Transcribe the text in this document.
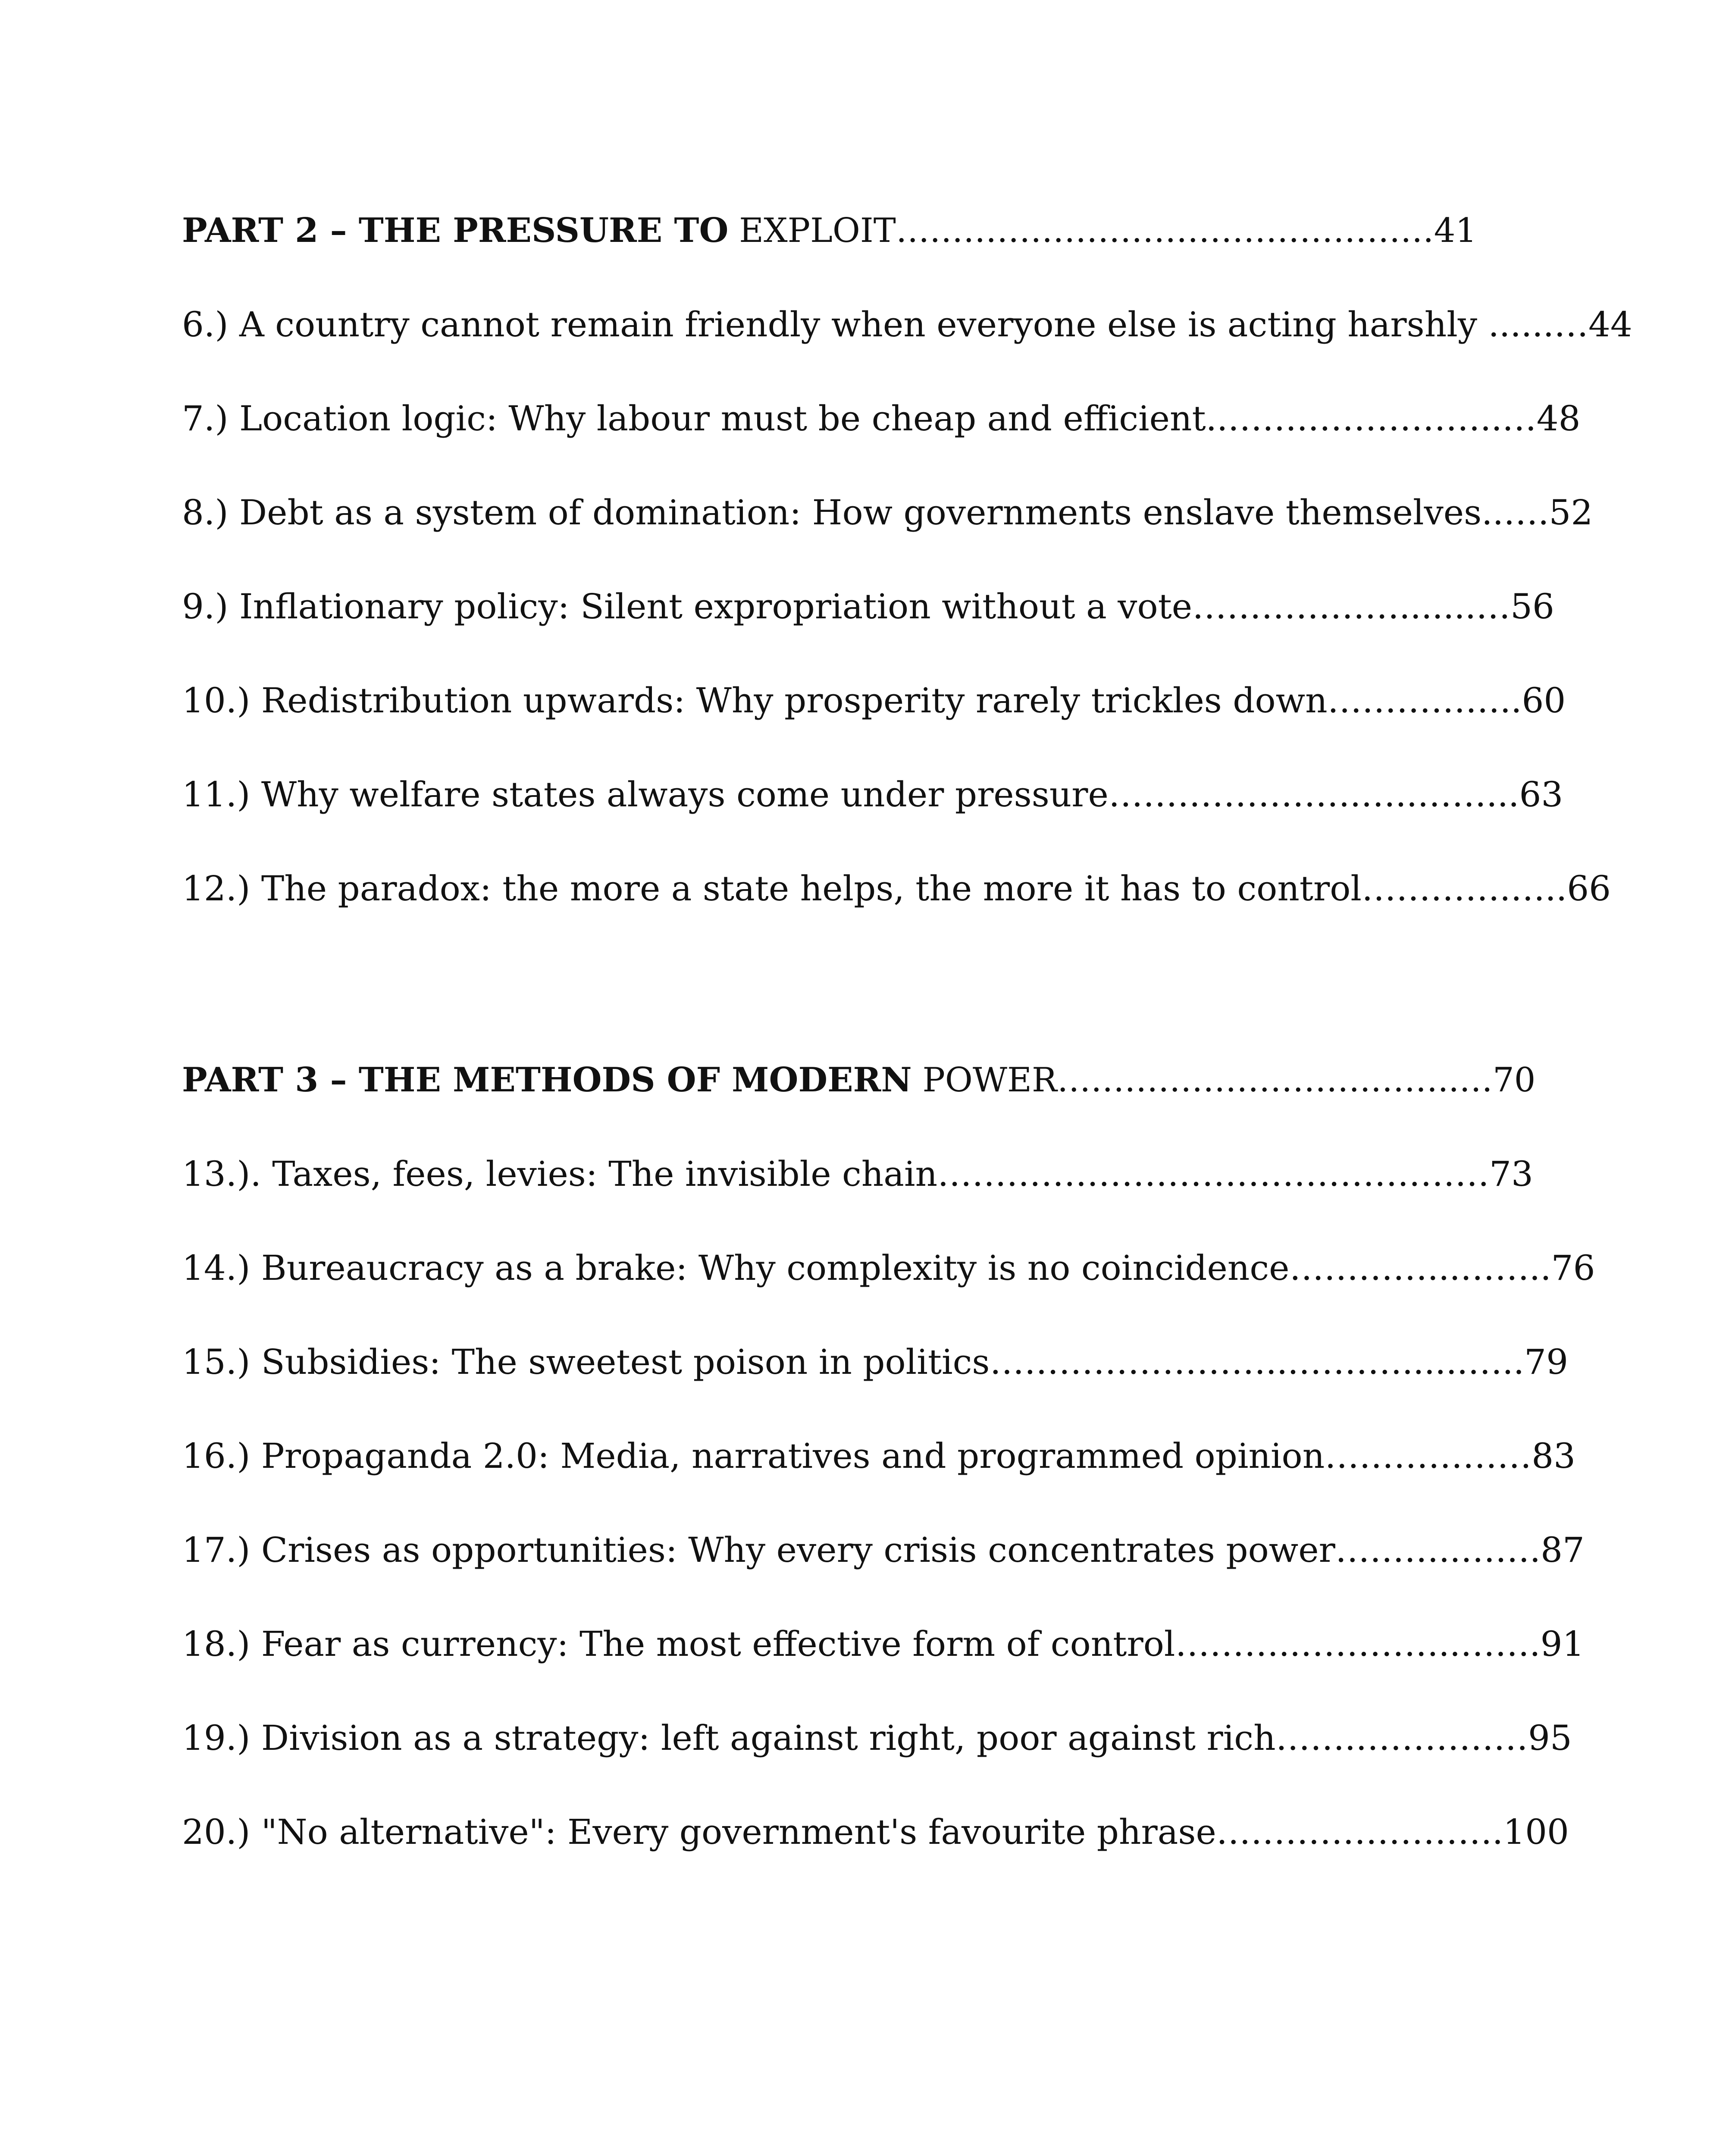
PART 2 – THE PRESSURE TO EXPLOIT…………………………………………41
6.) A country cannot remain friendly when everyone else is acting harshly ......…44
7.) Location logic: Why labour must be cheap and efficient..…….……………..…48
8.) Debt as a system of domination: How governments enslave themselves..….52
9.) Inflationary policy: Silent expropriation without a vote……………….......…56
10.) Redistribution upwards: Why prosperity rarely trickles down……………..60
11.) Why welfare states always come under pressure………………….…..……...63
12.) The paradox: the more a state helps, the more it has to control………….…..66
PART 3 – THE METHODS OF MODERN POWER……………………….……..…70
13.). Taxes, fees, levies: The invisible chain…………………………………………73
14.) Bureaucracy as a brake: Why complexity is no coincidence…………...……..76
15.) Subsidies: The sweetest poison in politics……………………...………......…..79
16.) Propaganda 2.0: Media, narratives and programmed opinion………………83
17.) Crises as opportunities: Why every crisis concentrates power………..…….87
18.) Fear as currency: The most effective form of control………..…………..…….91
19.) Division as a strategy: left against right, poor against rich…….……………95
20.) "No alternative": Every government's favourite phrase…………………….100
